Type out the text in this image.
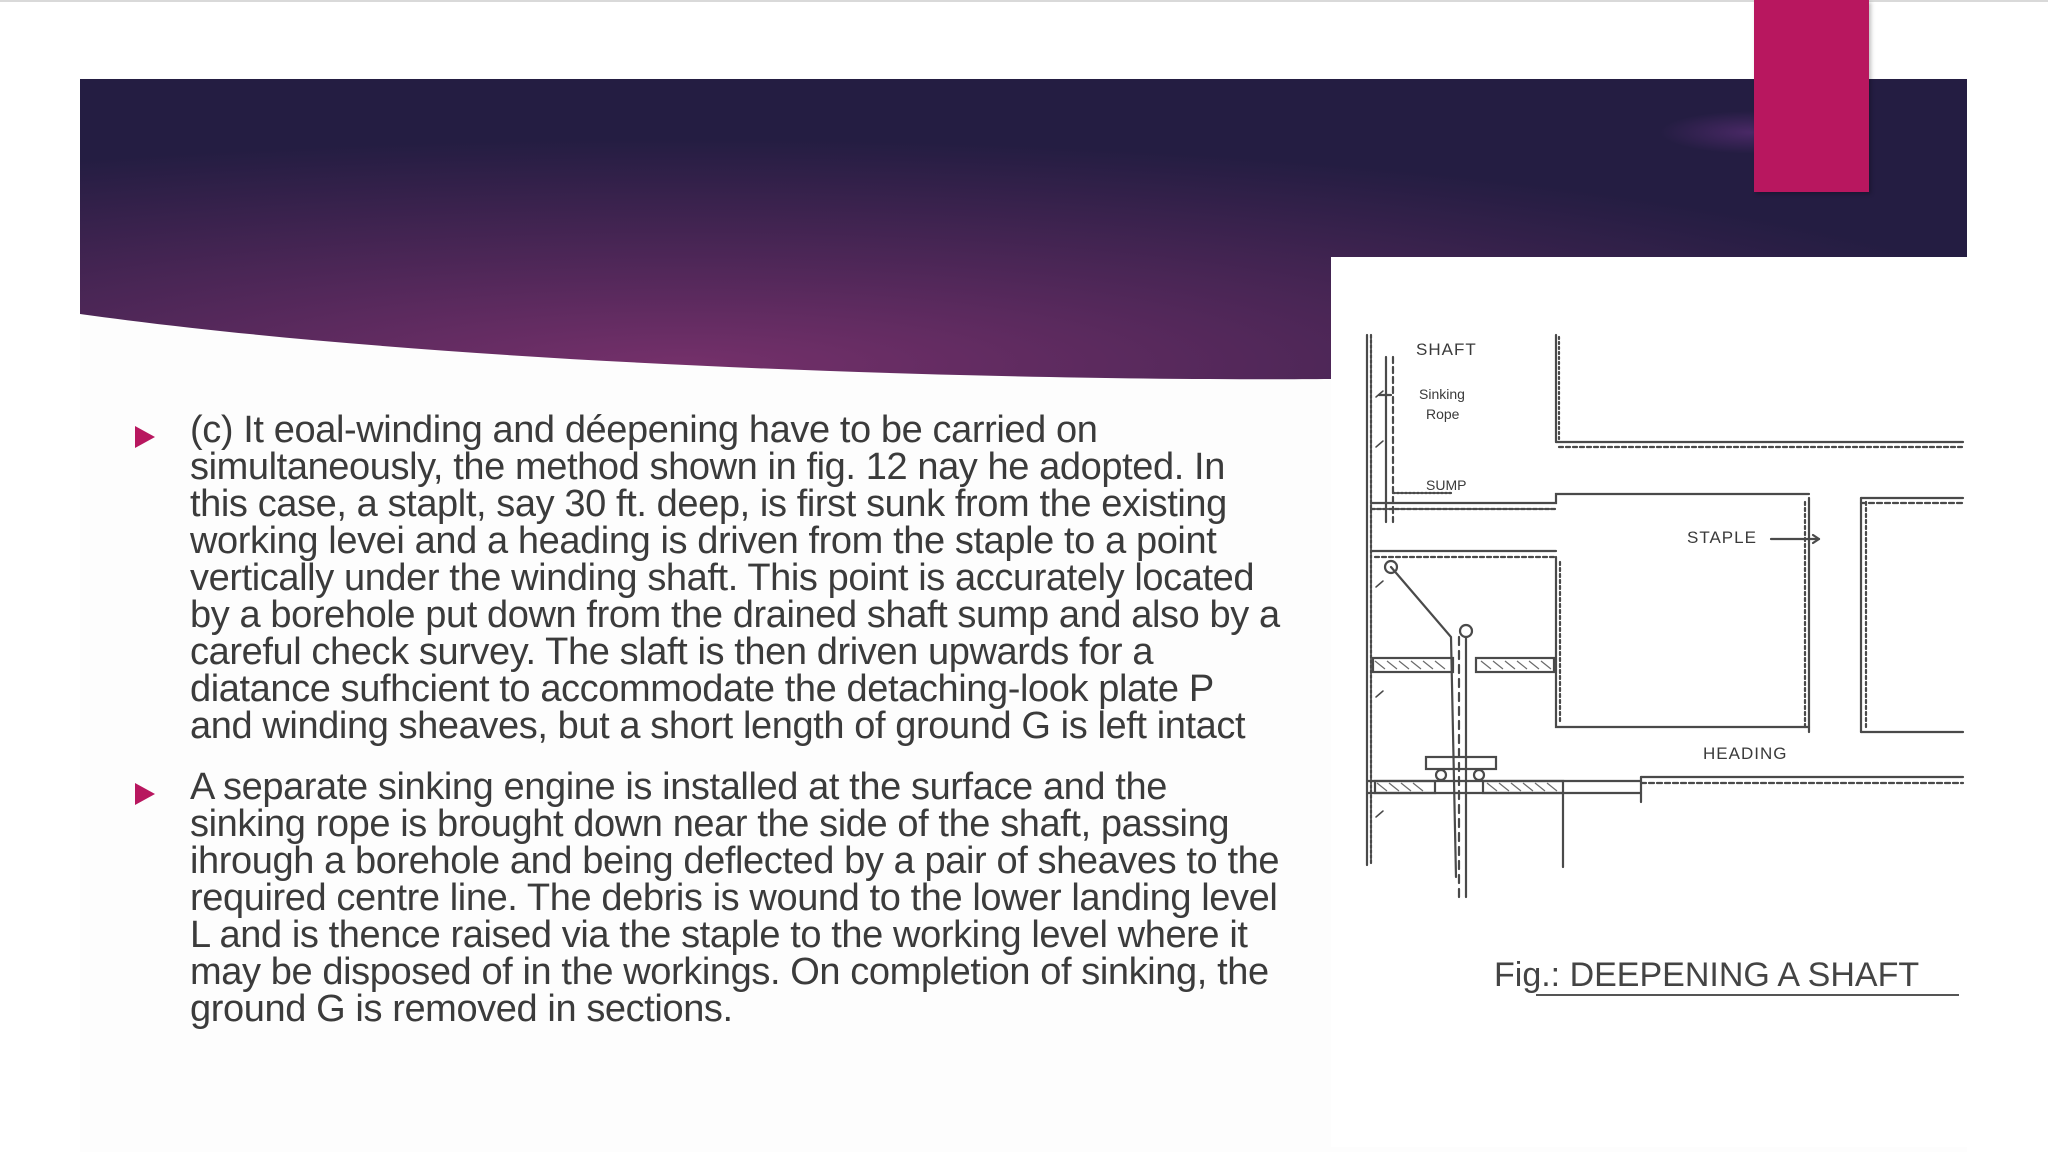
(c) It eoal-winding and déepening have to be carried on simultaneously, the method shown in fig. 12 nay he adopted. In this case, a staplt, say 30 ft. deep, is first sunk from the existing working levei and a heading is driven from the staple to a point vertically under the winding shaft. This point is accurately located by a borehole put down from the drained shaft sump and also by a careful check survey. The slaft is then driven upwards for a diatance sufhcient to accommodate the detaching-look plate P and winding sheaves, but a short length of ground G is left intact
A separate sinking engine is installed at the surface and the sinking rope is brought down near the side of the shaft, passing ihrough a borehole and being deflected by a pair of sheaves to the required centre line. The debris is wound to the lower landing level L and is thence raised via the staple to the working level where it may be disposed of in the workings. On completion of sinking, the ground G is removed in sections.
SHAFT
Sinking
Rope
SUMP
STAPLE
HEADING
Fig.: DEEPENING A SHAFT
